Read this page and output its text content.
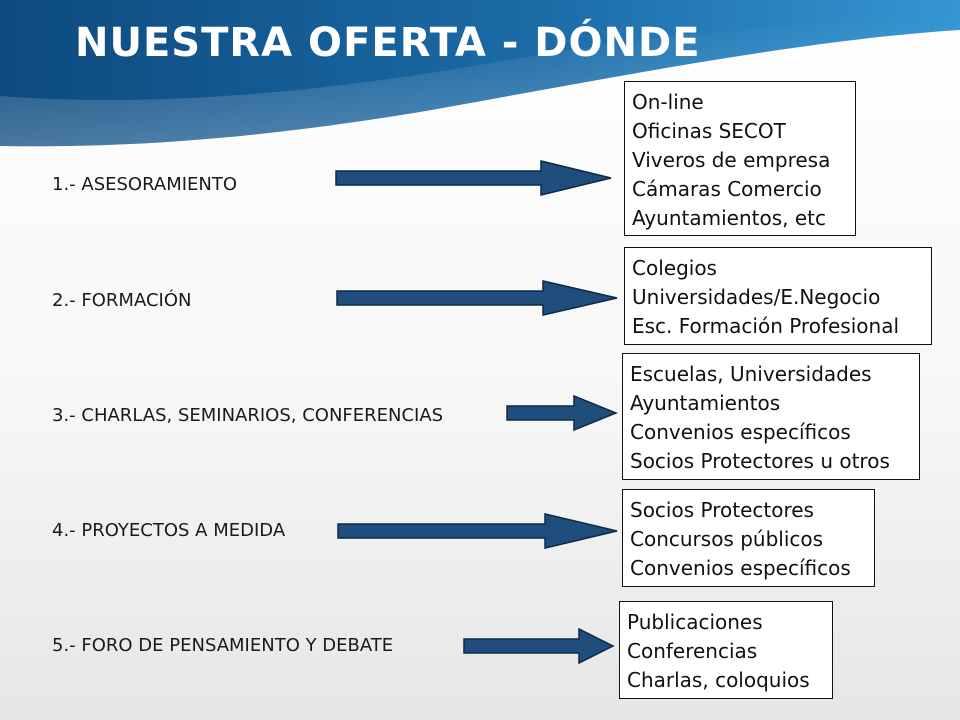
NUESTRA OFERTA - DÓNDE
1.- ASESORAMIENTO
On-line
Oficinas SECOT
Viveros de empresa
Cámaras Comercio
Ayuntamientos, etc
2.- FORMACIÓN
Colegios
Universidades/E.Negocio
Esc. Formación Profesional
3.- CHARLAS, SEMINARIOS, CONFERENCIAS
Escuelas, Universidades
Ayuntamientos
Convenios específicos
Socios Protectores u otros
4.- PROYECTOS A MEDIDA
Socios Protectores
Concursos públicos
Convenios específicos
5.- FORO DE PENSAMIENTO Y DEBATE
Publicaciones
Conferencias
Charlas, coloquios
